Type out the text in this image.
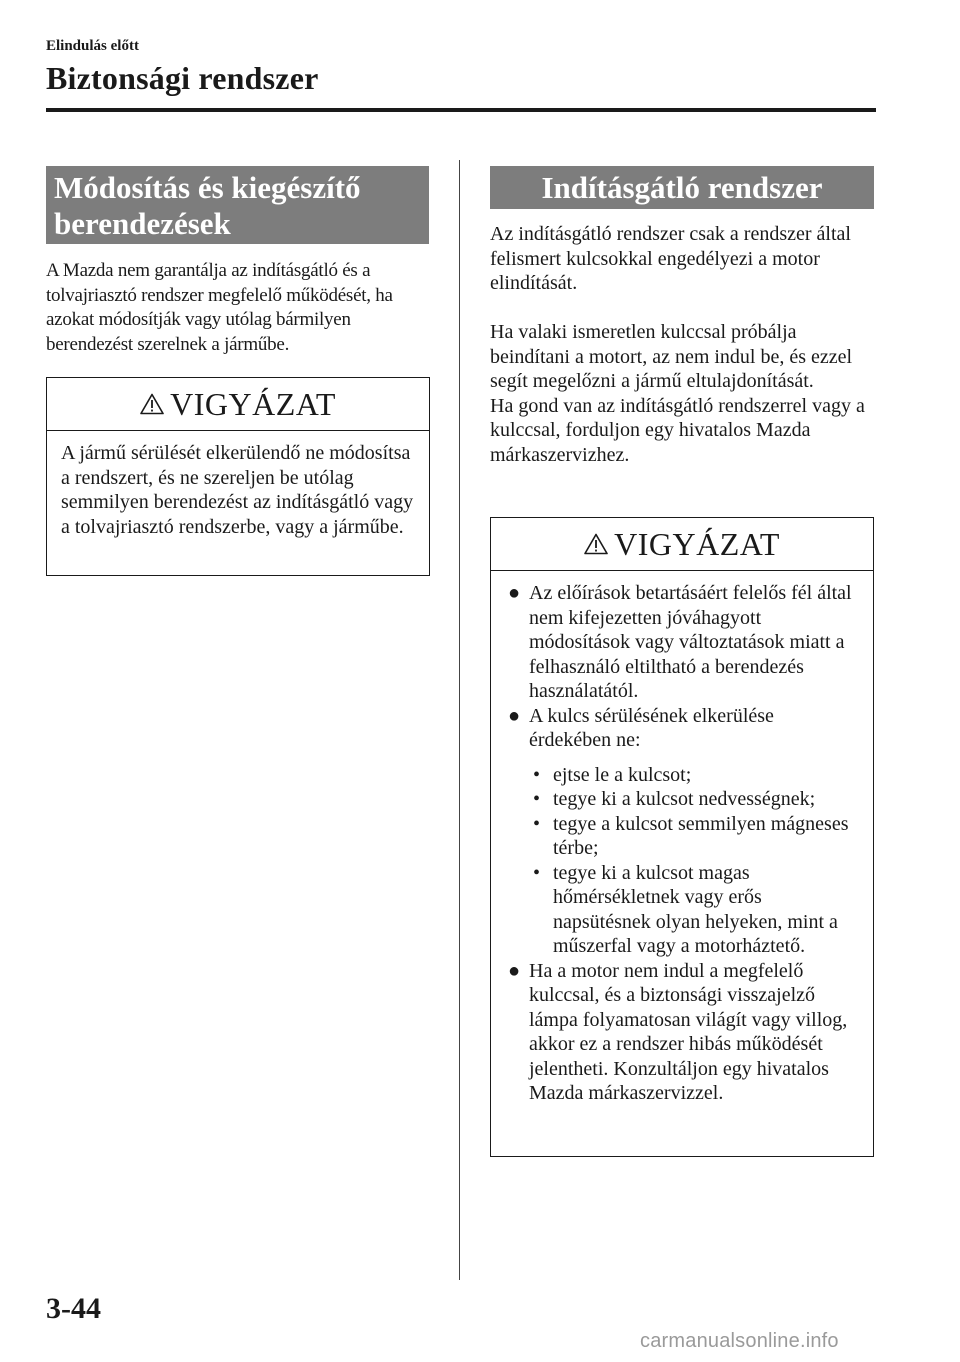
Elindulás előtt
Biztonsági rendszer
Módosítás és kiegészítő
berendezések

A Mazda nem garantálja az indításgátló és a tolvajriasztó rendszer megfelelő működését, ha azokat módosítják vagy utólag bármilyen berendezést szerelnek a járműbe.

VIGYÁZAT

A jármű sérülését elkerülendő ne módosítsa a rendszert, és ne szereljen be utólag semmilyen berendezést az indításgátló vagy a tolvajriasztó rendszerbe, vagy a járműbe.

Indításgátló rendszer

Az indításgátló rendszer csak a rendszer által felismert kulcsokkal engedélyezi a motor elindítását.

Ha valaki ismeretlen kulccsal próbálja beindítani a motort, az nem indul be, és ezzel segít megelőzni a jármű eltulajdonítását.
Ha gond van az indításgátló rendszerrel vagy a kulccsal, forduljon egy hivatalos Mazda márkaszervizhez.
VIGYÁZAT
● Az előírások betartásáért felelős fél által nem kifejezetten jóváhagyott módosítások vagy változtatások miatt a felhasználó eltiltható a berendezés használatától.
● A kulcs sérülésének elkerülése érdekében ne:
• ejtse le a kulcsot;
• tegye ki a kulcsot nedvességnek;
• tegye a kulcsot semmilyen mágneses térbe;
• tegye ki a kulcsot magas hőmérsékletnek vagy erős napsütésnek olyan helyeken, mint a műszerfal vagy a motorháztető.
● Ha a motor nem indul a megfelelő kulccsal, és a biztonsági visszajelző lámpa folyamatosan világít vagy villog, akkor ez a rendszer hibás működését jelentheti. Konzultáljon egy hivatalos Mazda márkaszervizzel.
3-44
carmanualsonline.info
